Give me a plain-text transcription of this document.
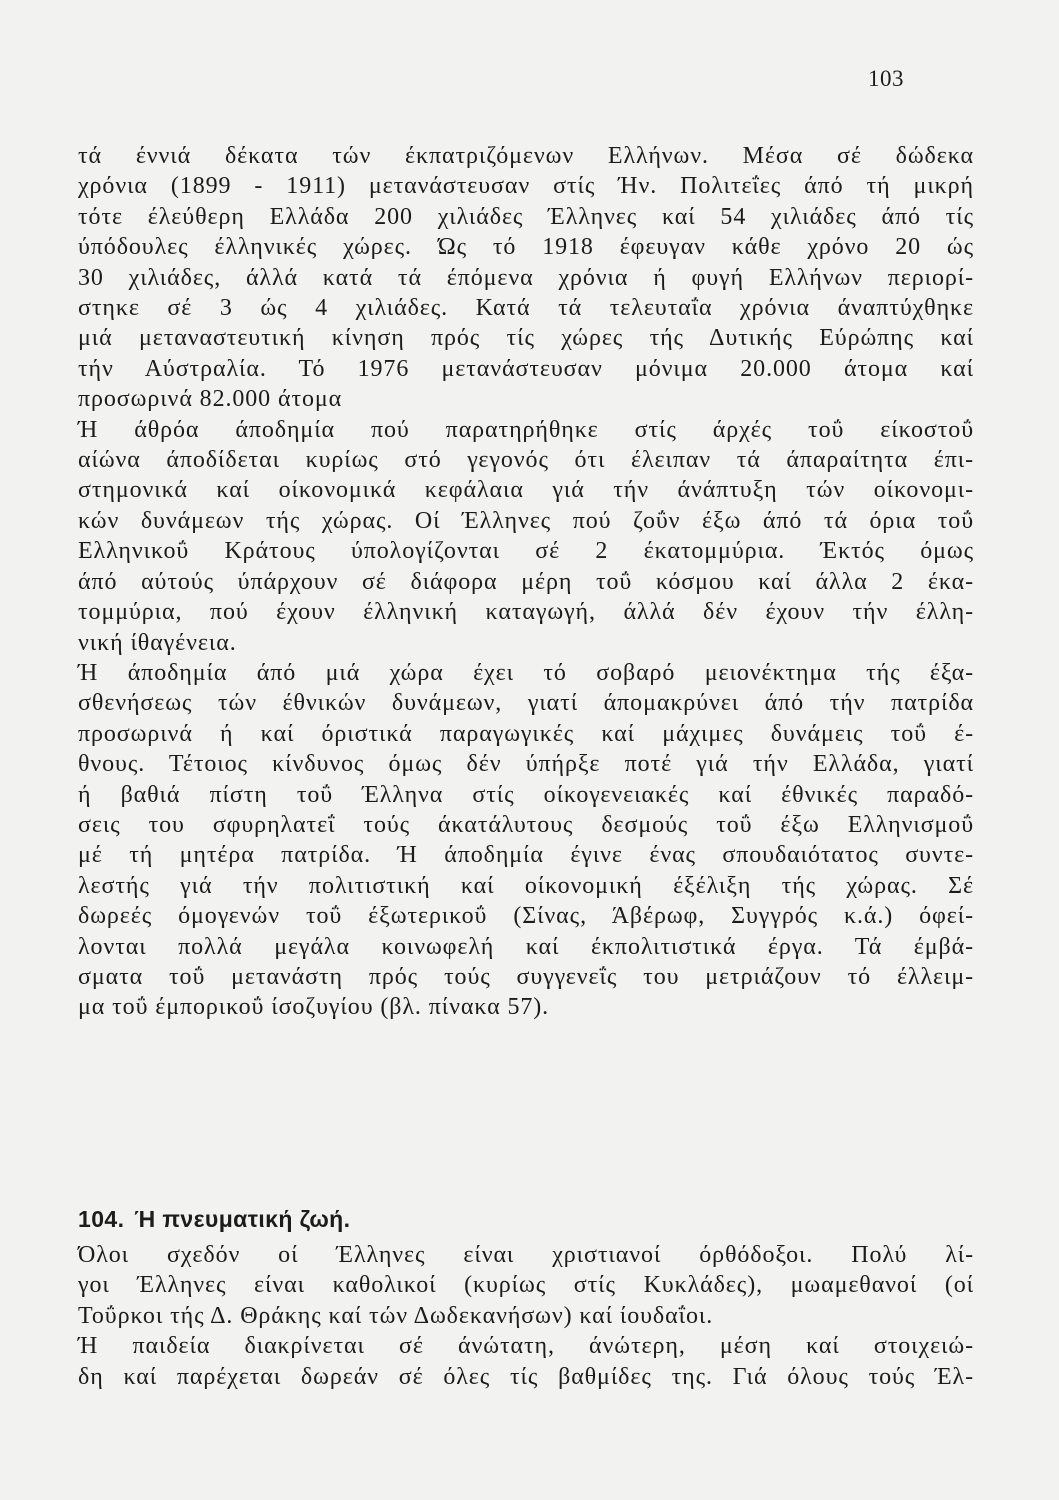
103
τά έννιά δέκατα τών έκπατριζόμενων Ελλήνων. Μέσα σέ δώδεκα
χρόνια (1899 - 1911) μετανάστευσαν στίς Ήν. Πολιτεΐες άπό τή μικρή
τότε έλεύθερη Ελλάδα 200 χιλιάδες Έλληνες καί 54 χιλιάδες άπό τίς
ύπόδουλες έλληνικές χώρες. Ώς τό 1918 έφευγαν κάθε χρόνο 20 ώς
30 χιλιάδες, άλλά κατά τά έπόμενα χρόνια ή φυγή Ελλήνων περιορί-
στηκε σέ 3 ώς 4 χιλιάδες. Κατά τά τελευταΐα χρόνια άναπτύχθηκε
μιά μεταναστευτική κίνηση πρός τίς χώρες τής Δυτικής Εύρώπης καί
τήν Αύστραλία. Τό 1976 μετανάστευσαν μόνιμα 20.000 άτομα καί
προσωρινά 82.000 άτομα
Ή άθρόα άποδημία πού παρατηρήθηκε στίς άρχές τοΰ είκοστοΰ
αίώνα άποδίδεται κυρίως στό γεγονός ότι έλειπαν τά άπαραίτητα έπι-
στημονικά καί οίκονομικά κεφάλαια γιά τήν άνάπτυξη τών οίκονομι-
κών δυνάμεων τής χώρας. Οί Έλληνες πού ζοΰν έξω άπό τά όρια τοΰ
Ελληνικοΰ Κράτους ύπολογίζονται σέ 2 έκατομμύρια. Έκτός όμως
άπό αύτούς ύπάρχουν σέ διάφορα μέρη τοΰ κόσμου καί άλλα 2 έκα-
τομμύρια, πού έχουν έλληνική καταγωγή, άλλά δέν έχουν τήν έλλη-
νική ίθαγένεια.
Ή άποδημία άπό μιά χώρα έχει τό σοβαρό μειονέκτημα τής έξα-
σθενήσεως τών έθνικών δυνάμεων, γιατί άπομακρύνει άπό τήν πατρίδα
προσωρινά ή καί όριστικά παραγωγικές καί μάχιμες δυνάμεις τοΰ έ-
θνους. Τέτοιος κίνδυνος όμως δέν ύπήρξε ποτέ γιά τήν Ελλάδα, γιατί
ή βαθιά πίστη τοΰ Έλληνα στίς οίκογενειακές καί έθνικές παραδό-
σεις του σφυρηλατεΐ τούς άκατάλυτους δεσμούς τοΰ έξω Ελληνισμοΰ
μέ τή μητέρα πατρίδα. Ή άποδημία έγινε ένας σπουδαιότατος συντε-
λεστής γιά τήν πολιτιστική καί οίκονομική έξέλιξη τής χώρας. Σέ
δωρεές όμογενών τοΰ έξωτερικοΰ (Σίνας, Άβέρωφ, Συγγρός κ.ά.) όφεί-
λονται πολλά μεγάλα κοινωφελή καί έκπολιτιστικά έργα. Τά έμβά-
σματα τοΰ μετανάστη πρός τούς συγγενεΐς του μετριάζουν τό έλλειμ-
μα τοΰ έμπορικοΰ ίσοζυγίου (βλ. πίνακα 57).
104. Ή πνευματική ζωή.
Όλοι σχεδόν οί Έλληνες είναι χριστιανοί όρθόδοξοι. Πολύ λί-
γοι Έλληνες είναι καθολικοί (κυρίως στίς Κυκλάδες), μωαμεθανοί (οί
Τοΰρκοι τής Δ. Θράκης καί τών Δωδεκανήσων) καί ίουδαΐοι.
Ή παιδεία διακρίνεται σέ άνώτατη, άνώτερη, μέση καί στοιχειώ-
δη καί παρέχεται δωρεάν σέ όλες τίς βαθμίδες της. Γιά όλους τούς Έλ-
